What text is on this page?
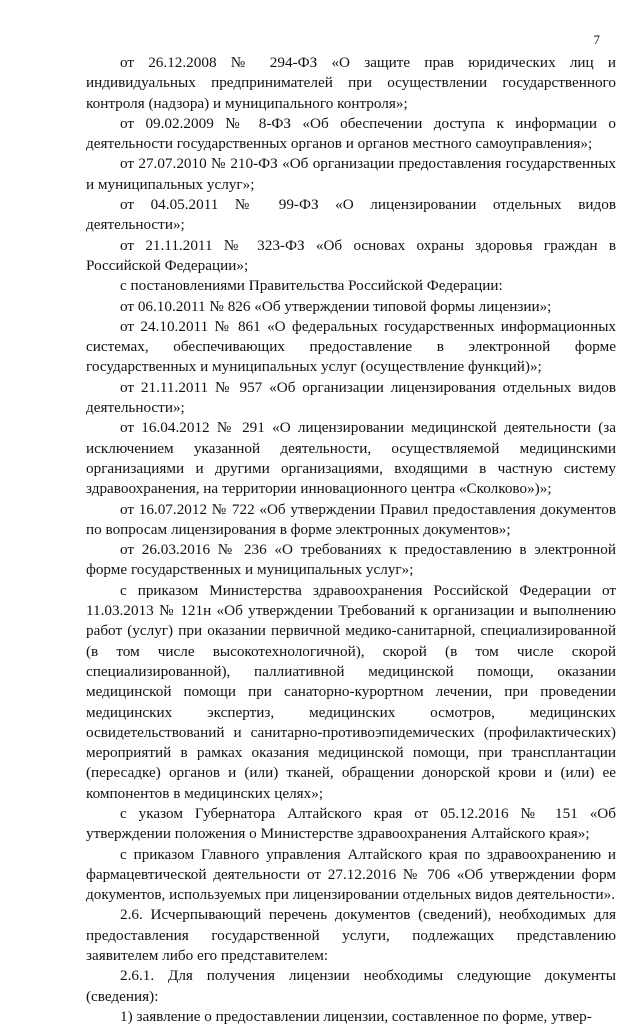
7

от 26.12.2008 № 294-ФЗ «О защите прав юридических лиц и индивидуальных предпринимателей при осуществлении государственного контроля (надзора) и муниципального контроля»;

от 09.02.2009 № 8-ФЗ «Об обеспечении доступа к информации о деятельности государственных органов и органов местного самоуправления»;

от 27.07.2010 № 210-ФЗ «Об организации предоставления государственных и муниципальных услуг»;

от 04.05.2011 № 99-ФЗ «О лицензировании отдельных видов деятельности»;

от 21.11.2011 № 323-ФЗ «Об основах охраны здоровья граждан в Российской Федерации»;

с постановлениями Правительства Российской Федерации:

от 06.10.2011 № 826 «Об утверждении типовой формы лицензии»;

от 24.10.2011 № 861 «О федеральных государственных информационных системах, обеспечивающих предоставление в электронной форме государственных и муниципальных услуг (осуществление функций)»;

от 21.11.2011 № 957 «Об организации лицензирования отдельных видов деятельности»;

от 16.04.2012 № 291 «О лицензировании медицинской деятельности (за исключением указанной деятельности, осуществляемой медицинскими организациями и другими организациями, входящими в частную систему здравоохранения, на территории инновационного центра «Сколково»)»;

от 16.07.2012 № 722 «Об утверждении Правил предоставления документов по вопросам лицензирования в форме электронных документов»;

от 26.03.2016 № 236 «О требованиях к предоставлению в электронной форме государственных и муниципальных услуг»;

с приказом Министерства здравоохранения Российской Федерации от 11.03.2013 № 121н «Об утверждении Требований к организации и выполнению работ (услуг) при оказании первичной медико-санитарной, специализированной (в том числе высокотехнологичной), скорой (в том числе скорой специализированной), паллиативной медицинской помощи, оказании медицинской помощи при санаторно-курортном лечении, при проведении медицинских экспертиз, медицинских осмотров, медицинских освидетельствований и санитарно-противоэпидемических (профилактических) мероприятий в рамках оказания медицинской помощи, при трансплантации (пересадке) органов и (или) тканей, обращении донорской крови и (или) ее компонентов в медицинских целях»;

с указом Губернатора Алтайского края от 05.12.2016 № 151 «Об утверждении положения о Министерстве здравоохранения Алтайского края»;

с приказом Главного управления Алтайского края по здравоохранению и фармацевтической деятельности от 27.12.2016 № 706 «Об утверждении форм документов, используемых при лицензировании отдельных видов деятельности».

2.6. Исчерпывающий перечень документов (сведений), необходимых для предоставления государственной услуги, подлежащих представлению заявителем либо его представителем:

2.6.1. Для получения лицензии необходимы следующие документы (сведения):

1) заявление о предоставлении лицензии, составленное по форме, утвер-
